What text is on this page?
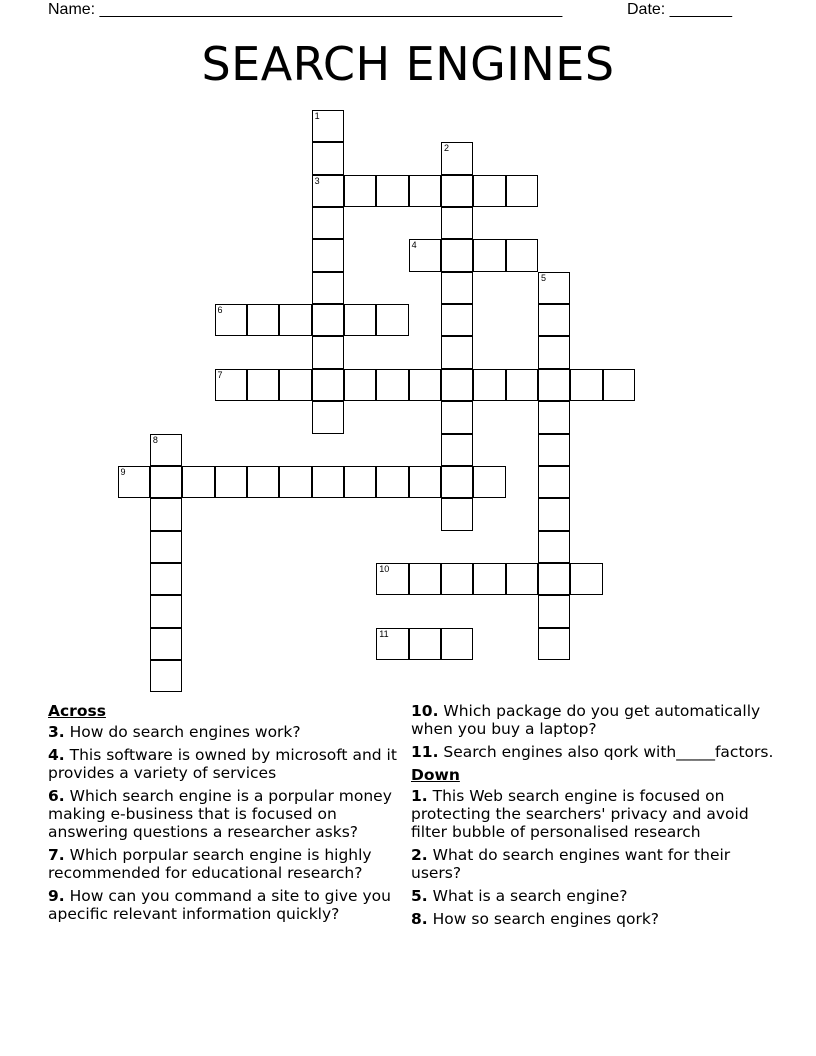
Name: ____________________________________________________	Date: _______
SEARCH ENGINES
1
3
2
4
5
6
7
8
9
10
11
Across
3. How do search engines work?
4. This software is owned by microsoft and it provides a variety of services
6. Which search engine is a porpular money making e-business that is focused on answering questions a researcher asks?
7. Which porpular search engine is highly recommended for educational research?
9. How can you command a site to give you apecific relevant information quickly?
10. Which package do you get automatically when you buy a laptop?
11. Search engines also qork with_____factors.
Down
1. This Web search engine is focused on protecting the searchers' privacy and avoid filter bubble of personalised research
2. What do search engines want for their users?
5. What is a search engine?
8. How so search engines qork?
